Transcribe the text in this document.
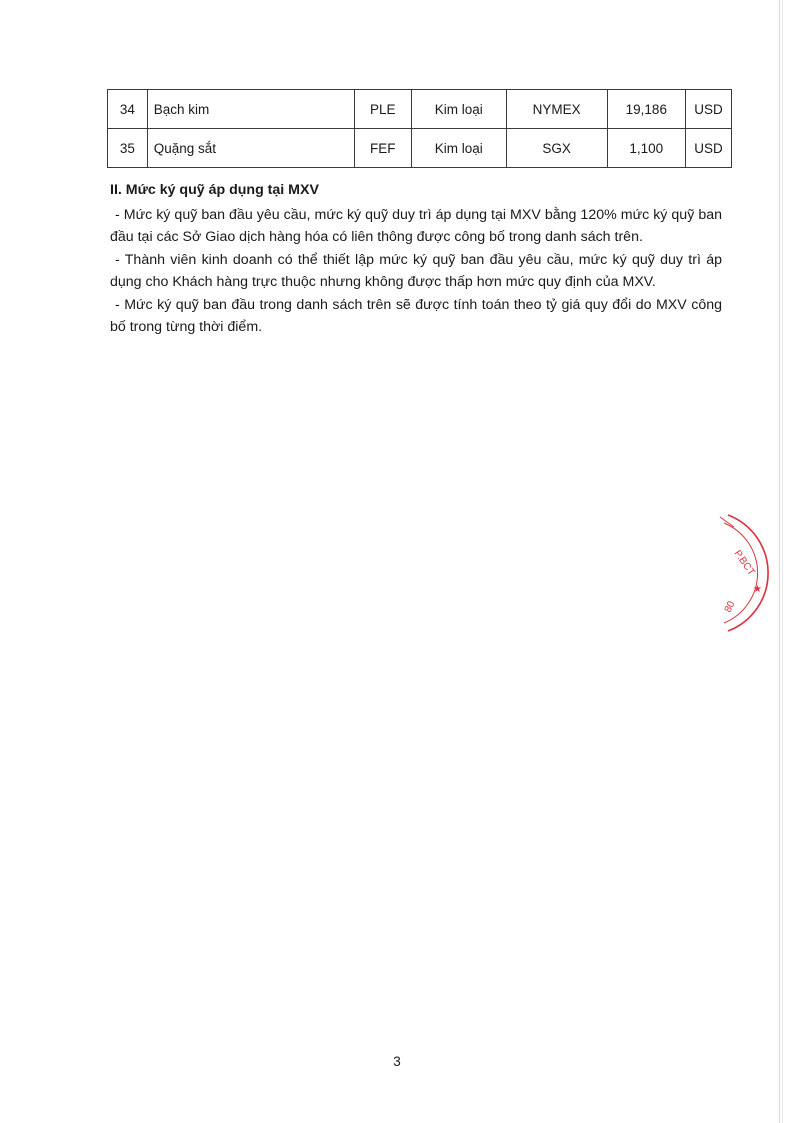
34	Bạch kim	PLE	Kim loại	NYMEX	19,186	USD
35	Quặng sắt	FEF	Kim loại	SGX	1,100	USD
II. Mức ký quỹ áp dụng tại MXV

- Mức ký quỹ ban đầu yêu cầu, mức ký quỹ duy trì áp dụng tại MXV bằng 120% mức ký quỹ ban đầu tại các Sở Giao dịch hàng hóa có liên thông được công bố trong danh sách trên.

- Thành viên kinh doanh có thể thiết lập mức ký quỹ ban đầu yêu cầu, mức ký quỹ duy trì áp dụng cho Khách hàng trực thuộc nhưng không được thấp hơn mức quy định của MXV.

- Mức ký quỹ ban đầu trong danh sách trên sẽ được tính toán theo tỷ giá quy đổi do MXV công bố trong từng thời điểm.

P.BCT
★
80
3
